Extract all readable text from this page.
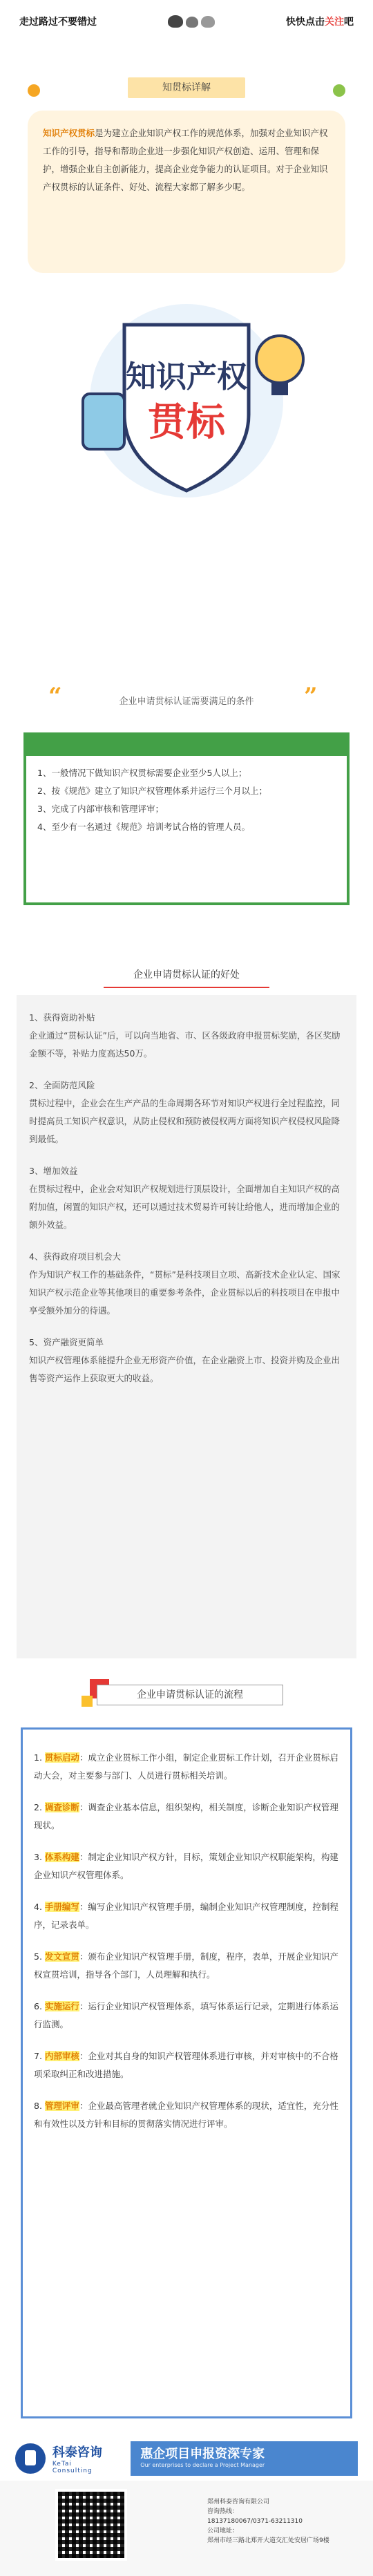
走过路过不要错过	快快点击关注吧
知贯标详解
知识产权贯标是为建立企业知识产权工作的规范体系，加强对企业知识产权工作的引导，指导和帮助企业进一步强化知识产权创造、运用、管理和保护，增强企业自主创新能力，提高企业竞争能力的认证项目。对于企业知识产权贯标的认证条件、好处、流程大家都了解多少呢。
知识产权
贯标
“	企业申请贯标认证需要满足的条件	”

1、一般情况下做知识产权贯标需要企业至少5人以上；

2、按《规范》建立了知识产权管理体系并运行三个月以上；

3、完成了内部审核和管理评审；

4、至少有一名通过《规范》培训考试合格的管理人员。

企业申请贯标认证的好处

1、获得资助补贴

企业通过“贯标认证”后，可以向当地省、市、区各级政府申报贯标奖励，各区奖励金额不等，补贴力度高达50万。

2、全面防范风险

贯标过程中，企业会在生产产品的生命周期各环节对知识产权进行全过程监控，同时提高员工知识产权意识，从防止侵权和预防被侵权两方面将知识产权侵权风险降到最低。

3、增加效益

在贯标过程中，企业会对知识产权规划进行顶层设计，全面增加自主知识产权的高附加值，闲置的知识产权，还可以通过技术贸易许可转让给他人，进而增加企业的额外效益。

4、获得政府项目机会大

作为知识产权工作的基础条件，“贯标”是科技项目立项、高新技术企业认定、国家知识产权示范企业等其他项目的重要参考条件，企业贯标以后的科技项目在申报中享受额外加分的待遇。

5、资产融资更简单

知识产权管理体系能提升企业无形资产价值，在企业融资上市、投资并购及企业出售等资产运作上获取更大的收益。

企业申请贯标认证的流程
1. 贯标启动：成立企业贯标工作小组，制定企业贯标工作计划，召开企业贯标启动大会，对主要参与部门、人员进行贯标相关培训。
2. 调查诊断：调查企业基本信息，组织架构，相关制度，诊断企业知识产权管理现状。
3. 体系构建：制定企业知识产权方针，目标，策划企业知识产权职能架构，构建企业知识产权管理体系。
4. 手册编写：编写企业知识产权管理手册，编制企业知识产权管理制度，控制程序，记录表单。
5. 发文宣贯：颁布企业知识产权管理手册，制度，程序，表单，开展企业知识产权宣贯培训，指导各个部门，人员理解和执行。
6. 实施运行：运行企业知识产权管理体系，填写体系运行记录，定期进行体系运行监测。
7. 内部审核：企业对其自身的知识产权管理体系进行审核，并对审核中的不合格项采取纠正和改进措施。
8. 管理评审：企业最高管理者就企业知识产权管理体系的现状，适宜性，充分性和有效性以及方针和目标的贯彻落实情况进行评审。
科泰咨询
KeTai Consulting
惠企项目申报资深专家
Our enterprises to declare a Project Manager

郑州科泰咨询有限公司

咨询热线：

18137180067/0371-63211310

公司地址：

郑州市经三路北郑开大道交汇处安居广场9楼
